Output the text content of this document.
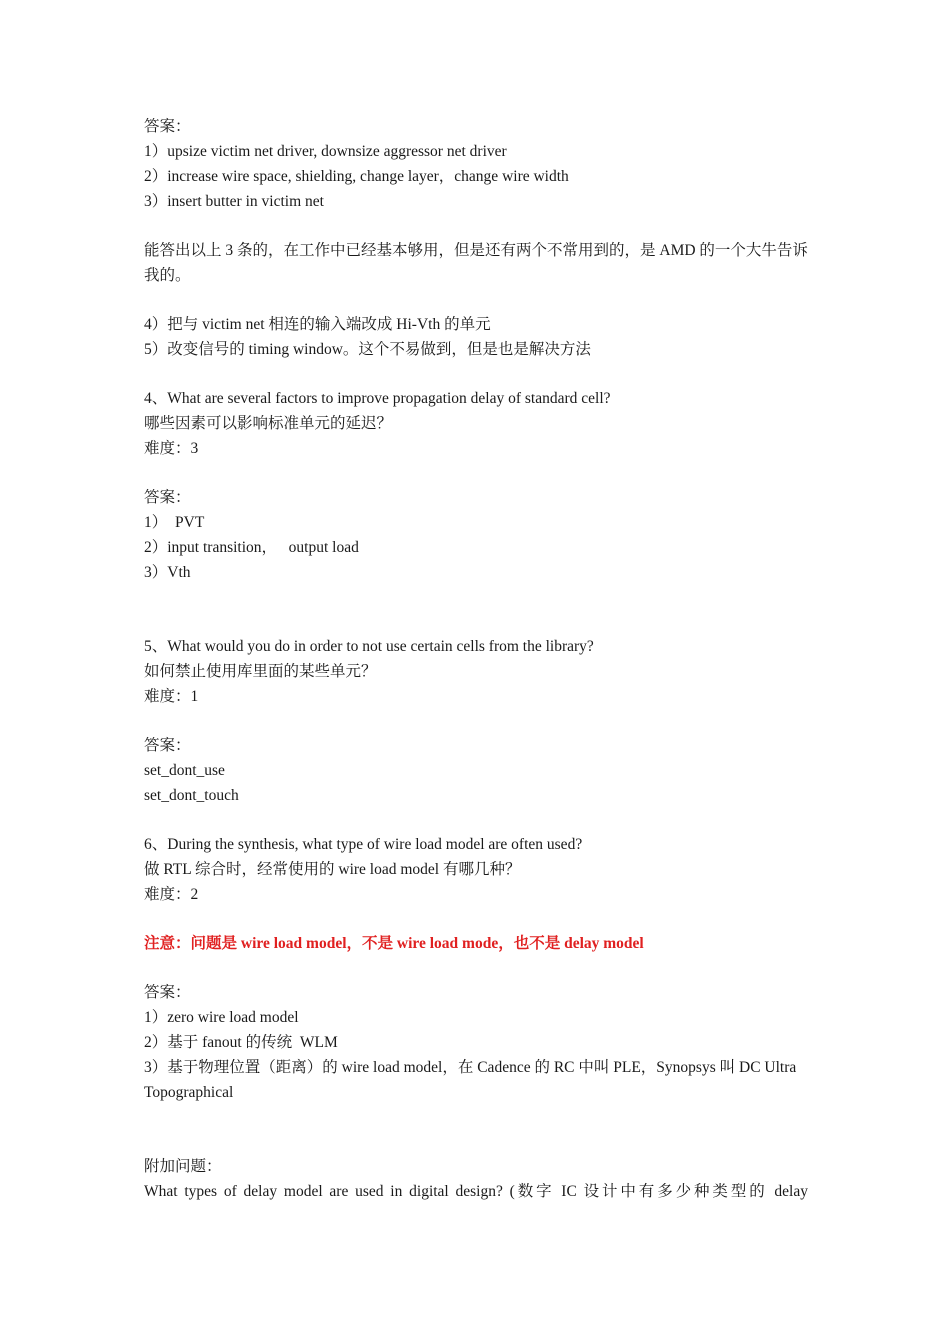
答案：
1）upsize victim net driver, downsize aggressor net driver
2）increase wire space, shielding, change layer，change wire width
3）insert butter in victim net
能答出以上 3 条的，在工作中已经基本够用，但是还有两个不常用到的，是 AMD 的一个大牛告诉我的。
4）把与 victim net 相连的输入端改成 Hi-Vth 的单元
5）改变信号的 timing window。这个不易做到，但是也是解决方法
4、What are several factors to improve propagation delay of standard cell?
哪些因素可以影响标准单元的延迟？
难度：3
答案：
1）  PVT
2）input transition，   output load
3）Vth
5、What would you do in order to not use certain cells from the library?
如何禁止使用库里面的某些单元？
难度：1
答案：
set_dont_use
set_dont_touch
6、During the synthesis, what type of wire load model are often used?
做 RTL 综合时，经常使用的 wire load model 有哪几种？
难度：2
注意：问题是 wire load model，不是 wire load mode，也不是 delay model
答案：
1）zero wire load model
2）基于 fanout 的传统  WLM
3）基于物理位置（距离）的 wire load model，在 Cadence 的 RC 中叫 PLE，Synopsys 叫 DC Ultra Topographical
附加问题：
What types of delay model are used in digital design? (数字 IC 设计中有多少种类型的 delay
